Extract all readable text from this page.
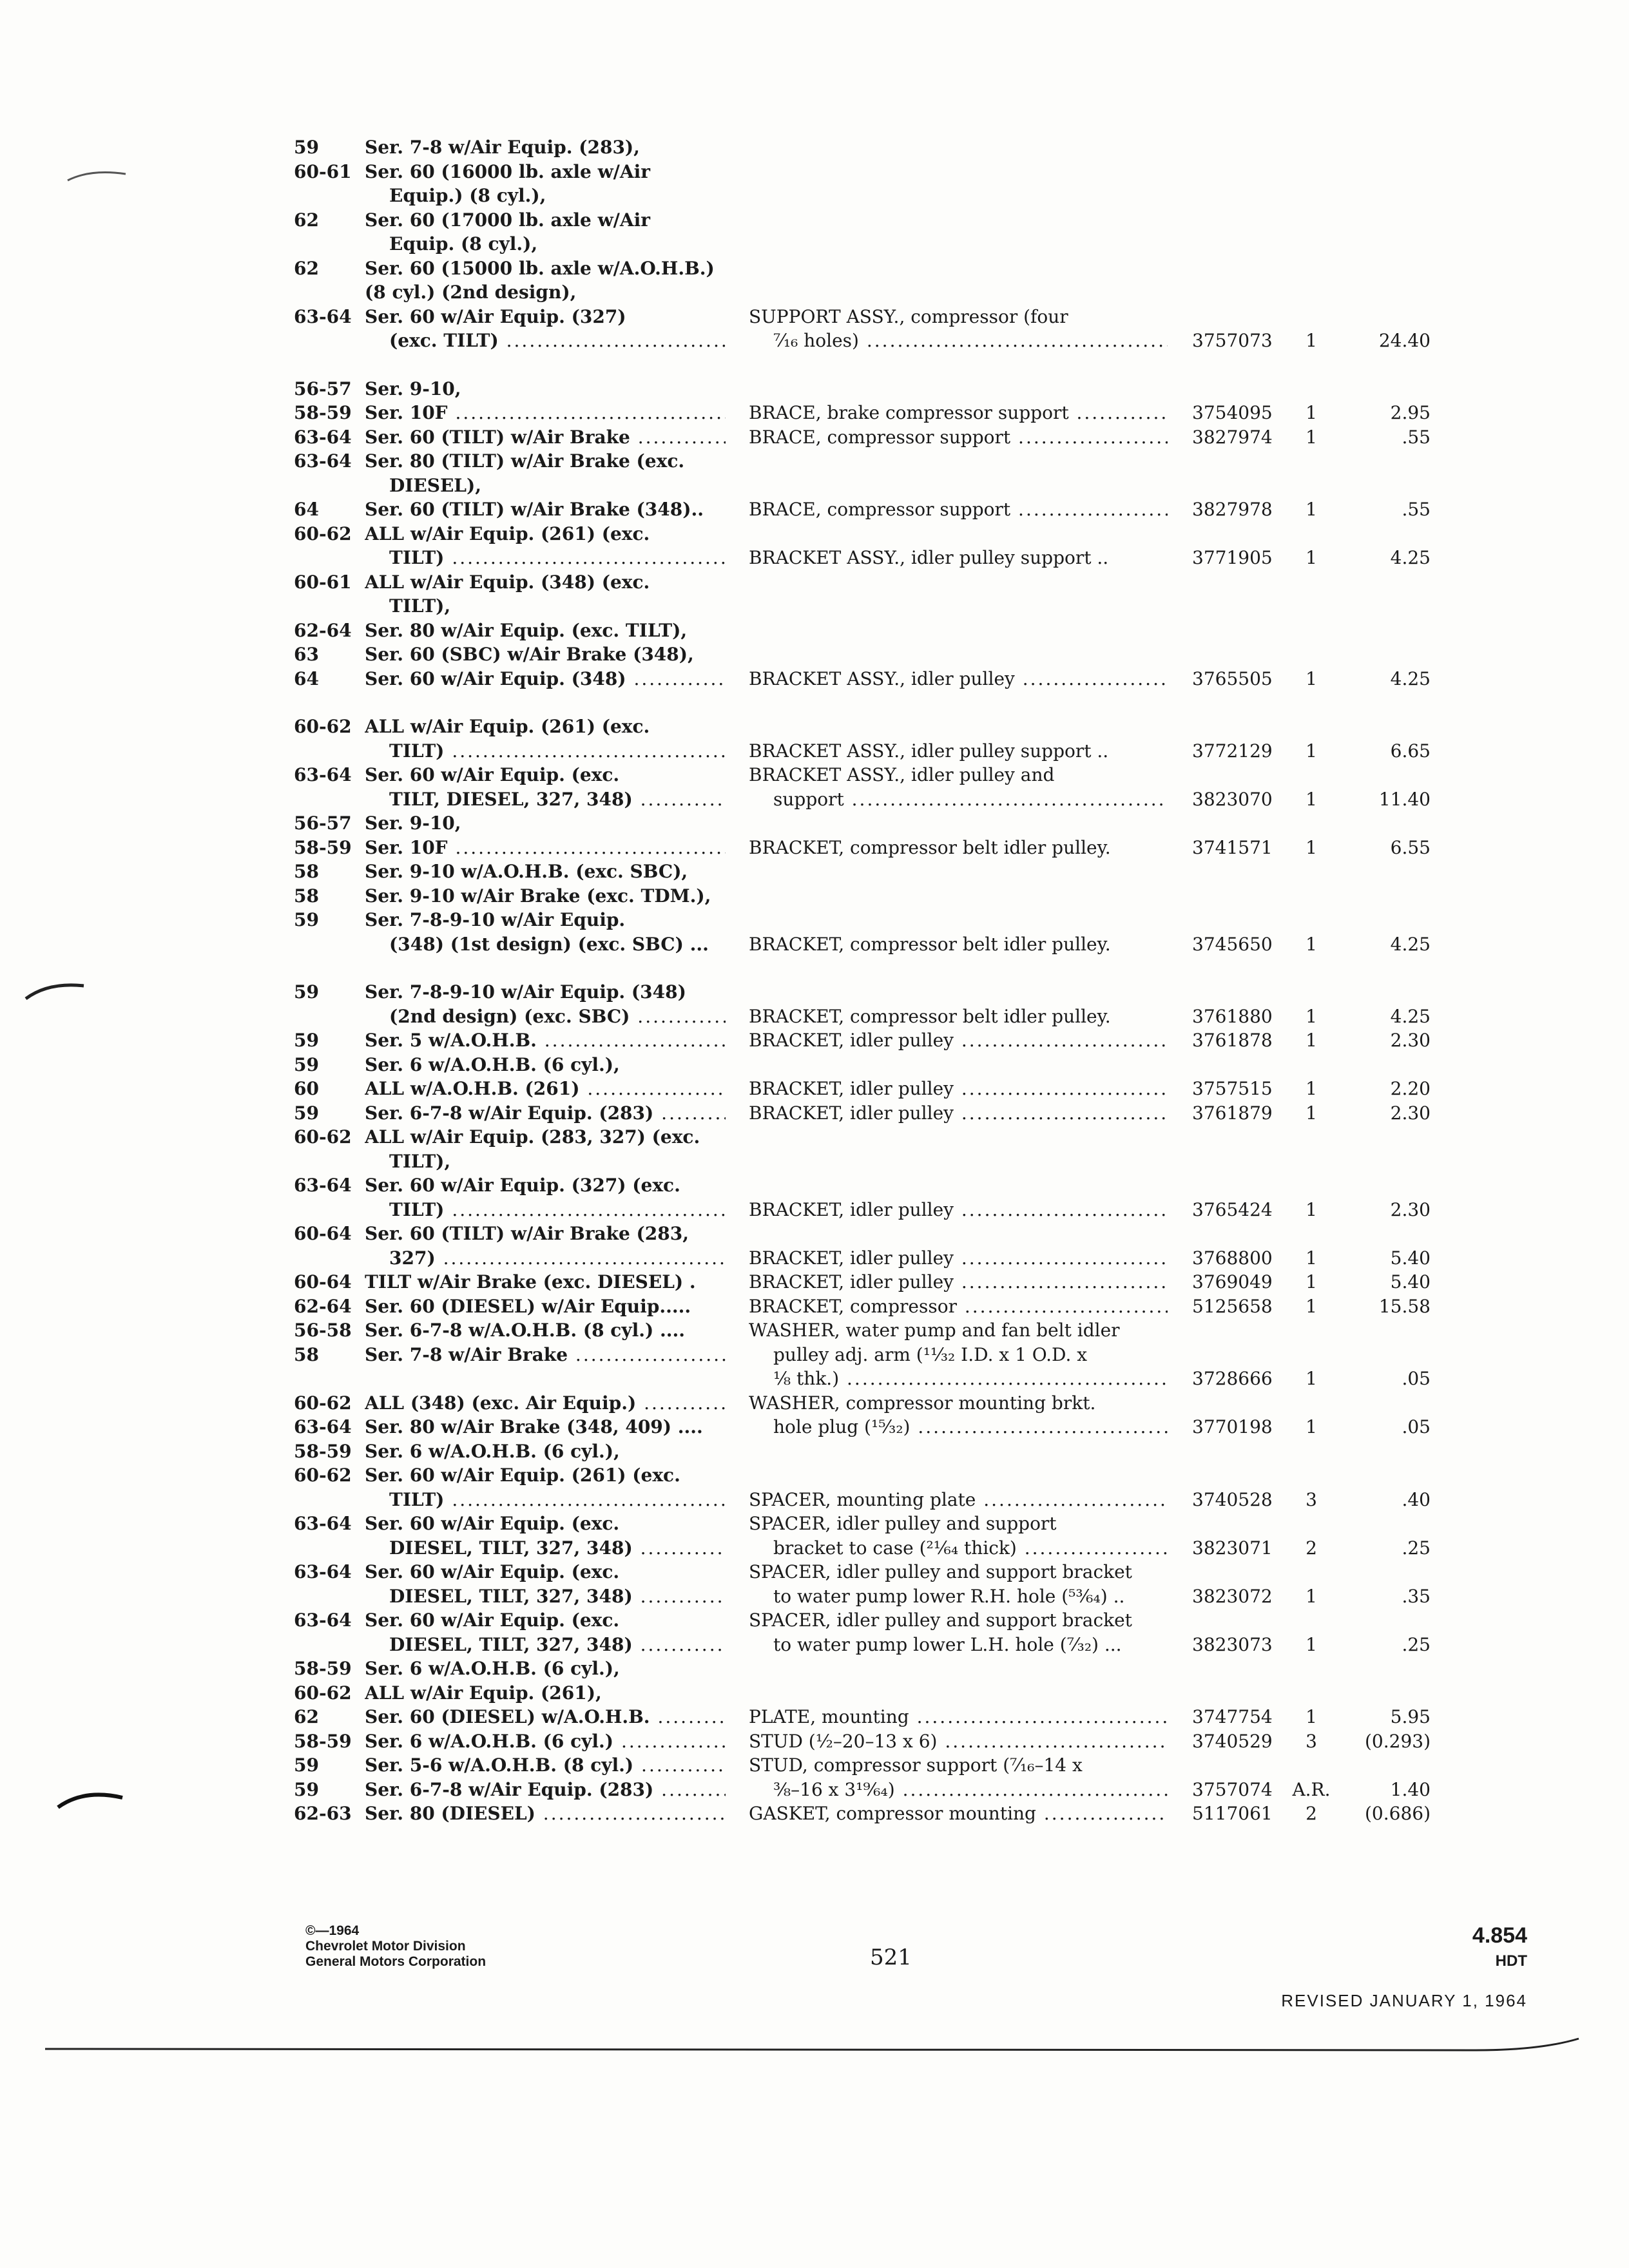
59	Ser. 7-8 w/Air Equip. (283),
60-61 Ser. 60 (16000 lb. axle w/Air
Equip.) (8 cyl.),
62	Ser. 60 (17000 lb. axle w/Air
Equip. (8 cyl.),
62	Ser. 60 (15000 lb. axle w/A.O.H.B.)
(8 cyl.) (2nd design),
63-64 Ser. 60 w/Air Equip. (327)	SUPPORT ASSY., compressor (four
(exc. TILT) .....	⁷⁄₁₆ holes) .....	3757073	1	24.40
56-57 Ser. 9-10,
58-59 Ser. 10F .....	BRACE, brake compressor support .....	3754095	1	2.95
63-64 Ser. 60 (TILT) w/Air Brake .....	BRACE, compressor support .....	3827974	1	.55
63-64 Ser. 80 (TILT) w/Air Brake (exc.
DIESEL),
64	Ser. 60 (TILT) w/Air Brake (348)..	BRACE, compressor support .....	3827978	1	.55
60-62 ALL w/Air Equip. (261) (exc.
TILT) .....	BRACKET ASSY., idler pulley support ..	3771905	1	4.25
60-61 ALL w/Air Equip. (348) (exc.
TILT),
62-64 Ser. 80 w/Air Equip. (exc. TILT),
63	Ser. 60 (SBC) w/Air Brake (348),
64	Ser. 60 w/Air Equip. (348) .....	BRACKET ASSY., idler pulley .....	3765505	1	4.25
60-62 ALL w/Air Equip. (261) (exc.
TILT) .....	BRACKET ASSY., idler pulley support ..	3772129	1	6.65
63-64 Ser. 60 w/Air Equip. (exc.	BRACKET ASSY., idler pulley and
TILT, DIESEL, 327, 348) .....	support .....	3823070	1	11.40
56-57 Ser. 9-10,
58-59 Ser. 10F .....	BRACKET, compressor belt idler pulley.	3741571	1	6.55
58	Ser. 9-10 w/A.O.H.B. (exc. SBC),
58	Ser. 9-10 w/Air Brake (exc. TDM.),
59	Ser. 7-8-9-10 w/Air Equip.
(348) (1st design) (exc. SBC) ...	BRACKET, compressor belt idler pulley.	3745650	1	4.25
59	Ser. 7-8-9-10 w/Air Equip. (348)
(2nd design) (exc. SBC) .....	BRACKET, compressor belt idler pulley.	3761880	1	4.25
59	Ser. 5 w/A.O.H.B. .....	BRACKET, idler pulley .....	3761878	1	2.30
59	Ser. 6 w/A.O.H.B. (6 cyl.),
60	ALL w/A.O.H.B. (261) .....	BRACKET, idler pulley .....	3757515	1	2.20
59	Ser. 6-7-8 w/Air Equip. (283) .....	BRACKET, idler pulley .....	3761879	1	2.30
60-62 ALL w/Air Equip. (283, 327) (exc.
TILT),
63-64 Ser. 60 w/Air Equip. (327) (exc.
TILT) .....	BRACKET, idler pulley .....	3765424	1	2.30
60-64 Ser. 60 (TILT) w/Air Brake (283,
327) .....	BRACKET, idler pulley .....	3768800	1	5.40
60-64 TILT w/Air Brake (exc. DIESEL) .	BRACKET, idler pulley .....	3769049	1	5.40
62-64 Ser. 60 (DIESEL) w/Air Equip.....	BRACKET, compressor .....	5125658	1	15.58
56-58 Ser. 6-7-8 w/A.O.H.B. (8 cyl.) ....	WASHER, water pump and fan belt idler
58	Ser. 7-8 w/Air Brake .....	pulley adj. arm (¹¹⁄₃₂ I.D. x 1 O.D. x
⅛ thk.) .....	3728666	1	.05
60-62 ALL (348) (exc. Air Equip.) .....	WASHER, compressor mounting brkt.
63-64 Ser. 80 w/Air Brake (348, 409) ....	hole plug (¹⁵⁄₃₂) .....	3770198	1	.05
58-59 Ser. 6 w/A.O.H.B. (6 cyl.),
60-62 Ser. 60 w/Air Equip. (261) (exc.
TILT) .....	SPACER, mounting plate .....	3740528	3	.40
63-64 Ser. 60 w/Air Equip. (exc.	SPACER, idler pulley and support
DIESEL, TILT, 327, 348) .....	bracket to case (²¹⁄₆₄ thick) .....	3823071	2	.25
63-64 Ser. 60 w/Air Equip. (exc.	SPACER, idler pulley and support bracket
DIESEL, TILT, 327, 348) .....	to water pump lower R.H. hole (⁵³⁄₆₄) ..	3823072	1	.35
63-64 Ser. 60 w/Air Equip. (exc.	SPACER, idler pulley and support bracket
DIESEL, TILT, 327, 348) .....	to water pump lower L.H. hole (⁷⁄₃₂) ...	3823073	1	.25
58-59 Ser. 6 w/A.O.H.B. (6 cyl.),
60-62 ALL w/Air Equip. (261),
62	Ser. 60 (DIESEL) w/A.O.H.B. .....	PLATE, mounting .....	3747754	1	5.95
58-59 Ser. 6 w/A.O.H.B. (6 cyl.) .....	STUD (½–20–13 x 6) .....	3740529	3	(0.293)
59	Ser. 5-6 w/A.O.H.B. (8 cyl.) .....	STUD, compressor support (⁷⁄₁₆–14 x
59	Ser. 6-7-8 w/Air Equip. (283) .....	⅜–16 x 3¹⁹⁄₆₄) .....	3757074	A.R.	1.40
62-63 Ser. 80 (DIESEL) .....	GASKET, compressor mounting .....	5117061	2	(0.686)
©—1964
Chevrolet Motor Division
General Motors Corporation	521
4.854
HDT
REVISED JANUARY 1, 1964
